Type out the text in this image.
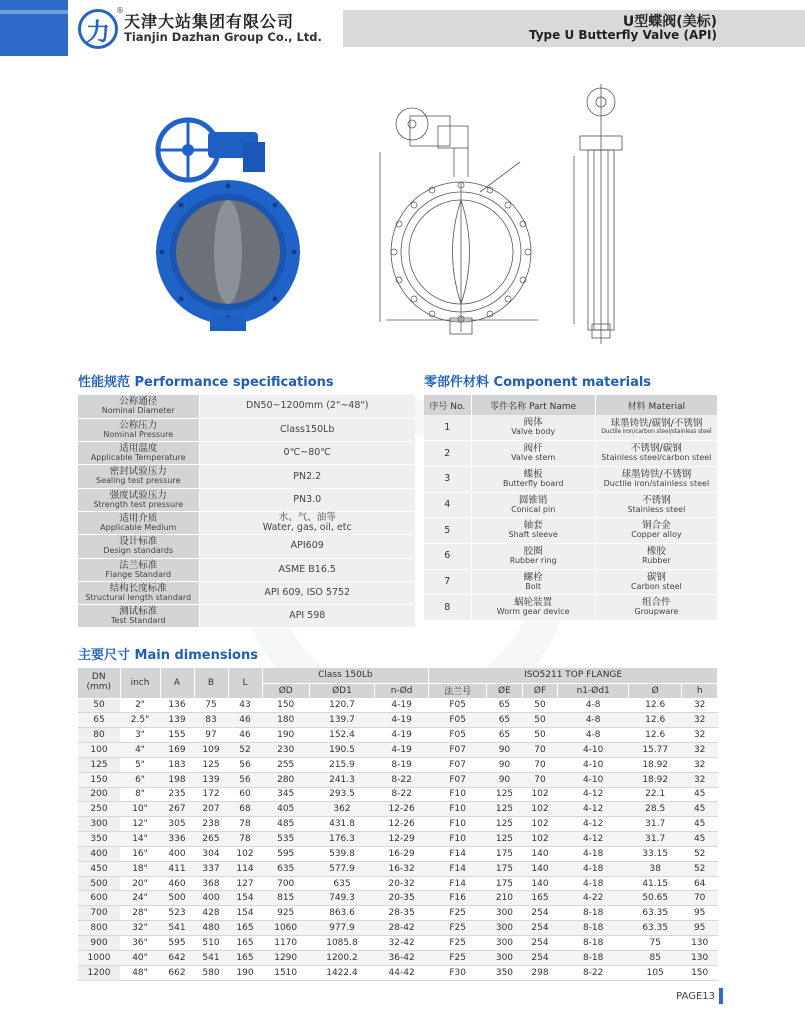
力
®
天津大站集团有限公司
Tianjin Dazhan Group Co., Ltd.
U型蝶阀(美标)
Type U Butterfly Valve (API)
性能规范 Performance specifications
公称通径
Nominal Diameter	DN50~1200mm (2"~48")

公称压力
Nominal Pressure	Class150Lb

适用温度
Applicable Temperature	0℃~80℃

密封试验压力
Sealing test pressure	PN2.2

强度试验压力
Strength test pressure	PN3.0

适用介质
Applicable Medium	水、气、油等
Water, gas, oil, etc

设计标准
Design standards	API609

法兰标准
Flange Standard	ASME B16.5

结构长度标准
Structural length standard	API 609, ISO 5752

测试标准
Test Standard	API 598
零部件材料 Component materials
序号 No.	零件名称 Part Name	材料 Material
1	阀体
Valve body	球墨铸铁/碳钢/不锈钢
Ductile iron/carbon steel/stainless steel

2	阀杆
Valve stem	不锈钢/碳钢
Stainless steel/carbon steel

3	蝶板
Butterfly board	球墨铸铁/不锈钢
Ductile iron/stainless steel

4	圆锥销
Conical pin	不锈钢
Stainless steel

5	轴套
Shaft sleeve	铜合金
Copper alloy

6	胶圈
Rubber ring	橡胶
Rubber

7	螺栓
Bolt	碳钢
Carbon steel

8	蜗轮装置
Worm gear device	组合件
Groupware
主要尺寸 Main dimensions
DN
(mm)	inch	A	B	L	Class 150Lb			ISO5211 TOP FLANGE					
					ØD	ØD1	n-Ød	法兰号	ØE	ØF	n1-Ød1	Ø	h
50	2"	136	75	43	150	120.7	4-19	F05	65	50	4-8	12.6	32
65	2.5"	139	83	46	180	139.7	4-19	F05	65	50	4-8	12.6	32
80	3"	155	97	46	190	152.4	4-19	F05	65	50	4-8	12.6	32
100	4"	169	109	52	230	190.5	4-19	F07	90	70	4-10	15.77	32
125	5"	183	125	56	255	215.9	8-19	F07	90	70	4-10	18.92	32
150	6"	198	139	56	280	241.3	8-22	F07	90	70	4-10	18.92	32
200	8"	235	172	60	345	293.5	8-22	F10	125	102	4-12	22.1	45
250	10"	267	207	68	405	362	12-26	F10	125	102	4-12	28.5	45
300	12"	305	238	78	485	431.8	12-26	F10	125	102	4-12	31.7	45
350	14"	336	265	78	535	176.3	12-29	F10	125	102	4-12	31.7	45
400	16"	400	304	102	595	539.8	16-29	F14	175	140	4-18	33.15	52
450	18"	411	337	114	635	577.9	16-32	F14	175	140	4-18	38	52
500	20"	460	368	127	700	635	20-32	F14	175	140	4-18	41.15	64
600	24"	500	400	154	815	749.3	20-35	F16	210	165	4-22	50.65	70
700	28"	523	428	154	925	863.6	28-35	F25	300	254	8-18	63.35	95
800	32"	541	480	165	1060	977.9	28-42	F25	300	254	8-18	63.35	95
900	36"	595	510	165	1170	1085.8	32-42	F25	300	254	8-18	75	130
1000	40"	642	541	165	1290	1200.2	36-42	F25	300	254	8-18	85	130
1200	48"	662	580	190	1510	1422.4	44-42	F30	350	298	8-22	105	150
PAGE13
